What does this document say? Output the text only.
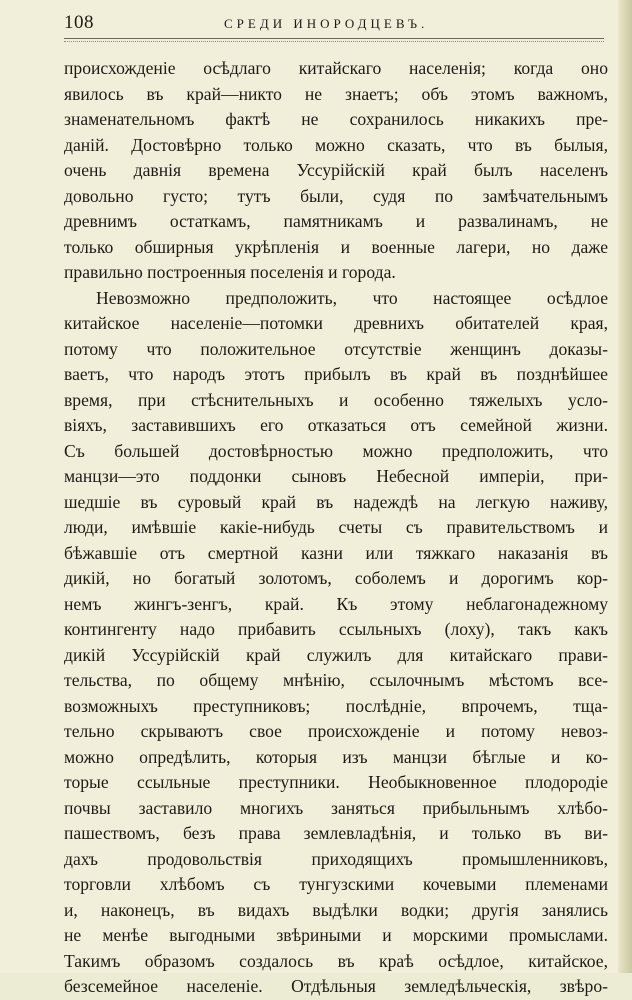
108	СРЕДИ ИНОРОДЦЕВЪ.
происхожденіе осѣдлаго китайскаго населенія; когда оно
явилось въ край—никто не знаетъ; объ этомъ важномъ,
знаменательномъ фактѣ не сохранилось никакихъ пре-
даній. Достовѣрно только можно сказать, что въ былыя,
очень давнія времена Уссурійскій край былъ населенъ
довольно густо; тутъ были, судя по замѣчательнымъ
древнимъ остаткамъ, памятникамъ и развалинамъ, не
только обширныя укрѣпленія и военные лагери, но даже
правильно построенныя поселенія и города.
Невозможно предположить, что настоящее осѣдлое
китайское населеніе—потомки древнихъ обитателей края,
потому что положительное отсутствіе женщинъ доказы-
ваетъ, что народъ этотъ прибылъ въ край въ позднѣйшее
время, при стѣснительныхъ и особенно тяжелыхъ усло-
віяхъ, заставившихъ его отказаться отъ семейной жизни.
Съ большей достовѣрностью можно предположить, что
манцзи—это поддонки сыновъ Небесной имперіи, при-
шедшіе въ суровый край въ надеждѣ на легкую наживу,
люди, имѣвшіе какіе-нибудь счеты съ правительствомъ и
бѣжавшіе отъ смертной казни или тяжкаго наказанія въ
дикій, но богатый золотомъ, соболемъ и дорогимъ кор-
немъ жингъ-зенгъ, край. Къ этому неблагонадежному
контингенту надо прибавить ссыльныхъ (лоху), такъ какъ
дикій Уссурійскій край служилъ для китайскаго прави-
тельства, по общему мнѣнію, ссылочнымъ мѣстомъ все-
возможныхъ преступниковъ; послѣдніе, впрочемъ, тща-
тельно скрываютъ свое происхожденіе и потому невоз-
можно опредѣлить, которыя изъ манцзи бѣглые и ко-
торые ссыльные преступники. Необыкновенное плодородіе
почвы заставило многихъ заняться прибыльнымъ хлѣбо-
пашествомъ, безъ права землевладѣнія, и только въ ви-
дахъ продовольствія приходящихъ промышленниковъ,
торговли хлѣбомъ съ тунгузскими кочевыми племенами
и, наконецъ, въ видахъ выдѣлки водки; другія занялись
не менѣе выгодными звѣриными и морскими промыслами.
Такимъ образомъ создалось въ краѣ осѣдлое, китайское,
безсемейное населеніе. Отдѣльныя земледѣльческія, звѣро-
